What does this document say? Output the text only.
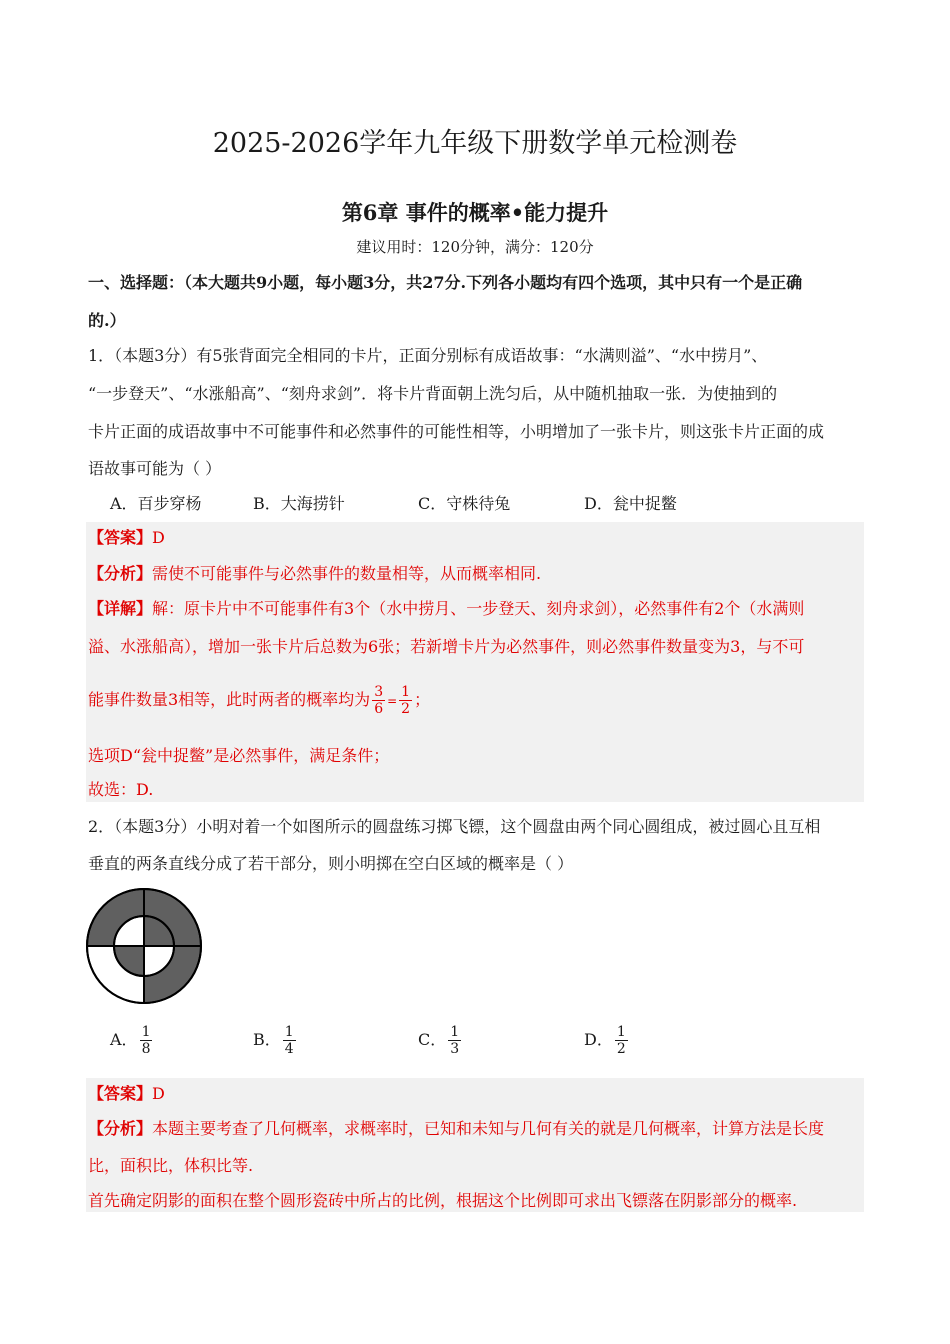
2025-2026学年九年级下册数学单元检测卷
第6章 事件的概率•能力提升
建议用时：120分钟，满分：120分
一、选择题：（本大题共9小题，每小题3分，共27分.下列各小题均有四个选项，其中只有一个是正确
的.）
1．（本题3分）有5张背面完全相同的卡片，正面分别标有成语故事：“水满则溢”、“水中捞月”、
“一步登天”、“水涨船高”、“刻舟求剑”．将卡片背面朝上洗匀后，从中随机抽取一张．为使抽到的
卡片正面的成语故事中不可能事件和必然事件的可能性相等，小明增加了一张卡片，则这张卡片正面的成
语故事可能为（ ）
A．百步穿杨	B．大海捞针	C．守株待兔	D．瓮中捉鳖
【答案】D
【分析】需使不可能事件与必然事件的数量相等，从而概率相同.
【详解】解：原卡片中不可能事件有3个（水中捞月、一步登天、刻舟求剑），必然事件有2个（水满则
溢、水涨船高），增加一张卡片后总数为6张；若新增卡片为必然事件，则必然事件数量变为3，与不可
能事件数量3相等，此时两者的概率均为 $\frac{3}{6} = \frac{1}{2}$ ；
选项D“瓮中捉鳖”是必然事件，满足条件；
故选：D.
2．（本题3分）小明对着一个如图所示的圆盘练习掷飞镖，这个圆盘由两个同心圆组成，被过圆心且互相
垂直的两条直线分成了若干部分，则小明掷在空白区域的概率是（ ）
A． $\frac{1}{8}$	B． $\frac{1}{4}$	C． $\frac{1}{3}$	D． $\frac{1}{2}$
【答案】D
【分析】本题主要考查了几何概率，求概率时，已知和未知与几何有关的就是几何概率，计算方法是长度
比，面积比，体积比等.
首先确定阴影的面积在整个圆形瓷砖中所占的比例，根据这个比例即可求出飞镖落在阴影部分的概率.
